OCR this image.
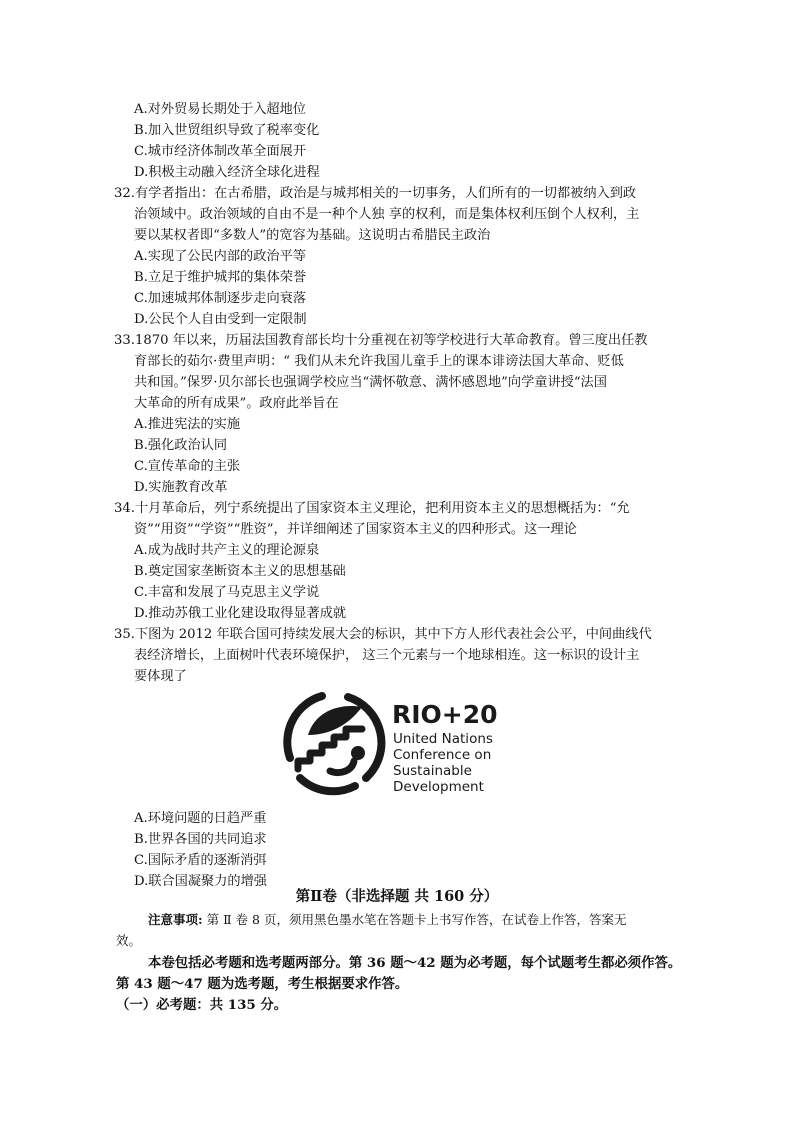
A.对外贸易长期处于入超地位
B.加入世贸组织导致了税率变化
C.城市经济体制改革全面展开
D.积极主动融入经济全球化进程
32.有学者指出：在古希腊，政治是与城邦相关的一切事务，人们所有的一切都被纳入到政
治领域中。政治领域的自由不是一种个人独 享的权利，而是集体权利压倒个人权利，主
要以某权者即“多数人”的宽容为基础。这说明古希腊民主政治
A.实现了公民内部的政治平等
B.立足于维护城邦的集体荣誉
C.加速城邦体制逐步走向衰落
D.公民个人自由受到一定限制
33.1870 年以来，历届法国教育部长均十分重视在初等学校进行大革命教育。曾三度出任教
育部长的茹尔·费里声明：“ 我们从未允许我国儿童手上的课本诽谤法国大革命、贬低
共和国。”保罗·贝尔部长也强调学校应当“满怀敬意、满怀感恩地”向学童讲授“法国
大革命的所有成果”。政府此举旨在
A.推进宪法的实施
B.强化政治认同
C.宣传革命的主张
D.实施教育改革
34.十月革命后，列宁系统提出了国家资本主义理论，把利用资本主义的思想概括为：“允
资”“用资”“学资”“胜资”，并详细阐述了国家资本主义的四种形式。这一理论
A.成为战时共产主义的理论源泉
B.奠定国家垄断资本主义的思想基础
C.丰富和发展了马克思主义学说
D.推动苏俄工业化建设取得显著成就
35.下图为 2012 年联合国可持续发展大会的标识，其中下方人形代表社会公平，中间曲线代
表经济增长，上面树叶代表环境保护， 这三个元素与一个地球相连。这一标识的设计主
要体现了
RIO+20
United Nations
Conference on
Sustainable
Development
A.环境问题的日趋严重
B.世界各国的共同追求
C.国际矛盾的逐渐消弭
D.联合国凝聚力的增强
第Ⅱ卷（非选择题 共 160 分）
注意事项: 第 Ⅱ 卷 8 页，须用黑色墨水笔在答题卡上书写作答，在试卷上作答，答案无
效。
本卷包括必考题和选考题两部分。第 36 题～42 题为必考题，每个试题考生都必须作答。
第 43 题～47 题为选考题，考生根据要求作答。
（一）必考题：共 135 分。
